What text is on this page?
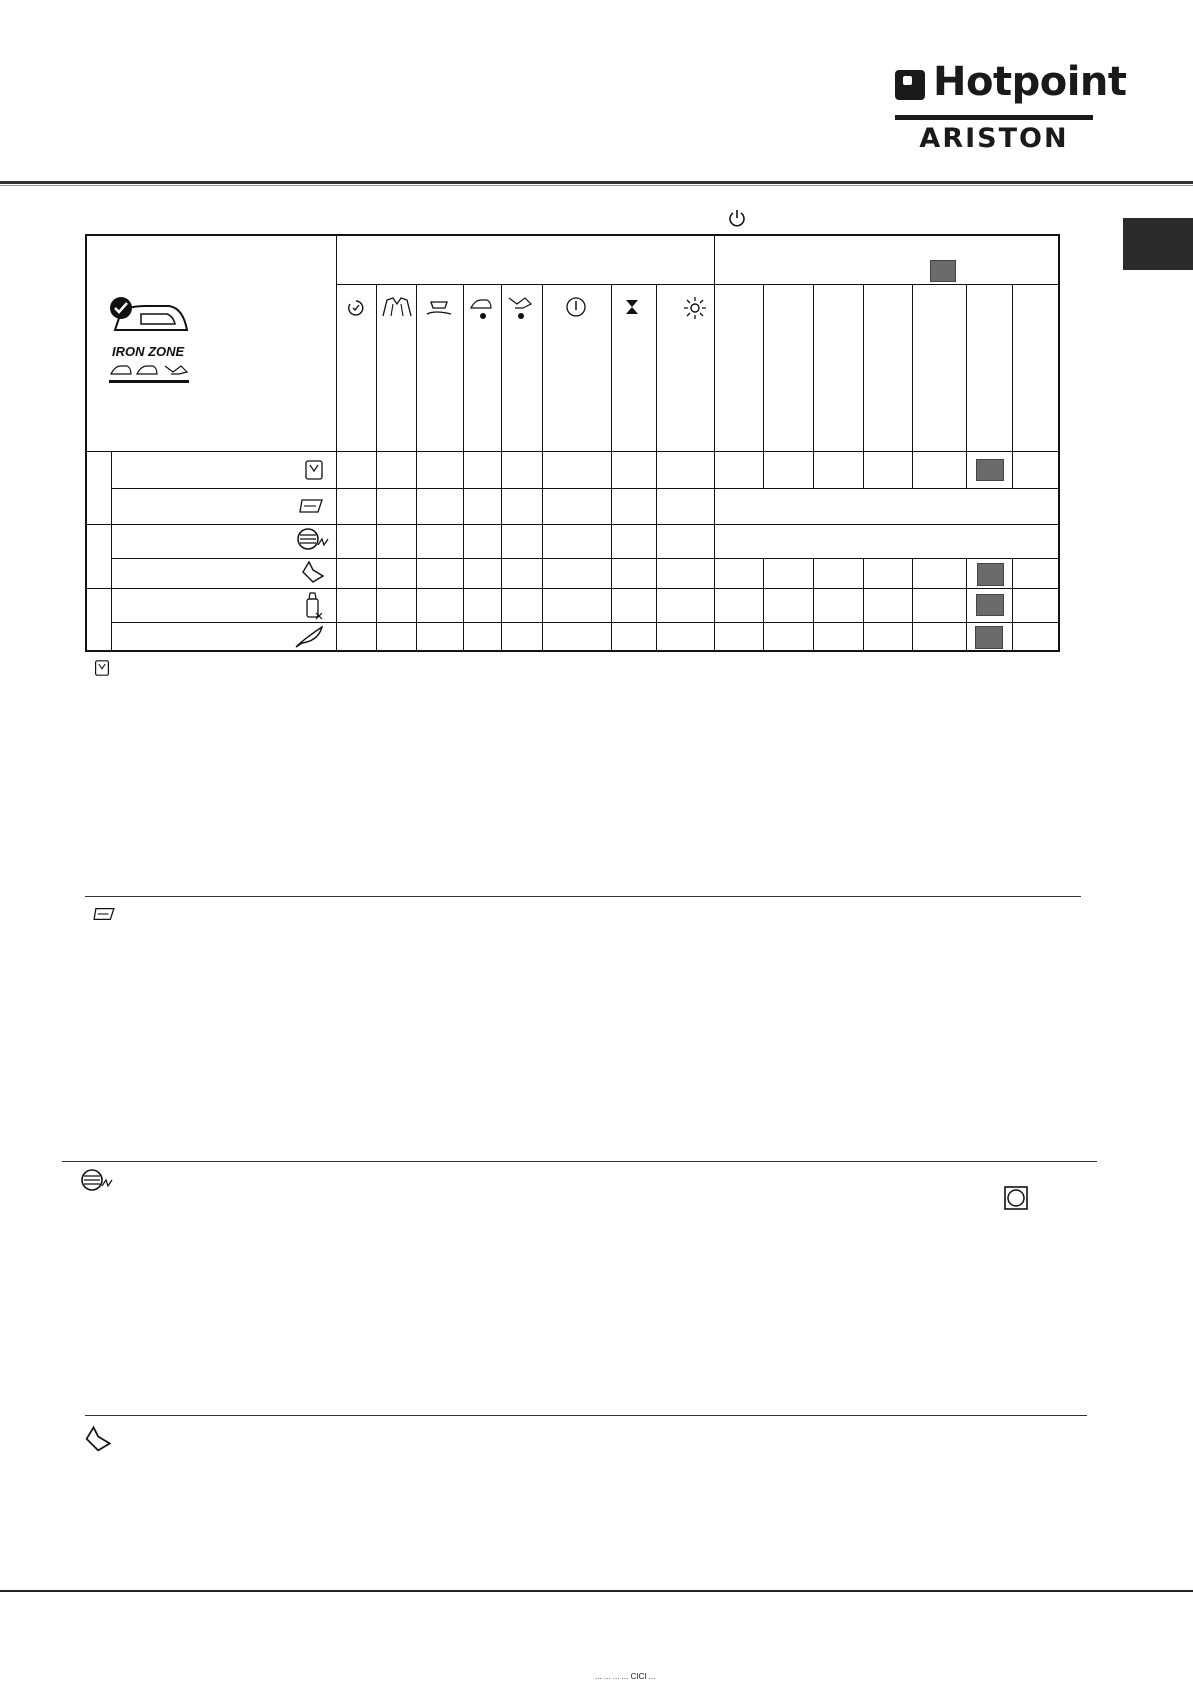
Hotpoint
ARISTON
IRON ZONE
... ... ... ... CICI ...
